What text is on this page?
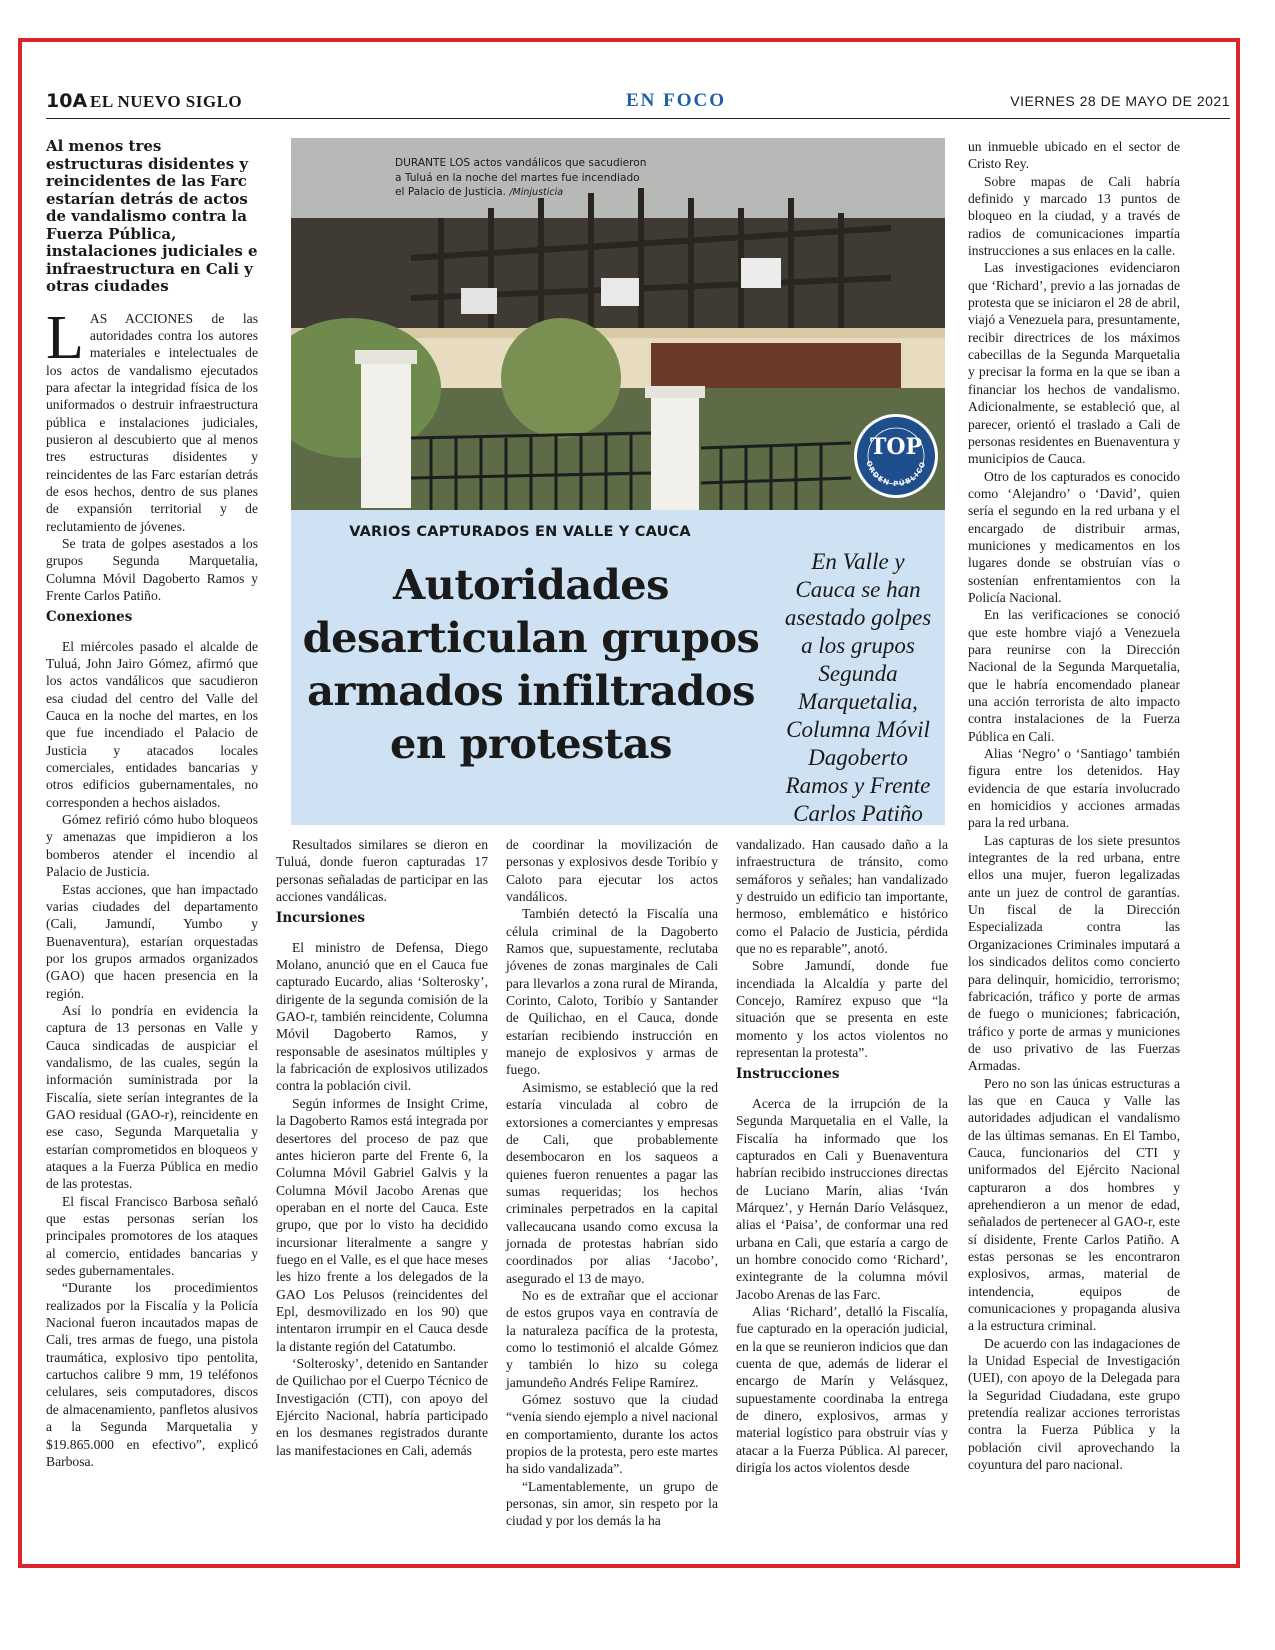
10A EL NUEVO SIGLO	EN FOCO	VIERNES 28 DE MAYO DE 2021
Al menos tres estructuras disidentes y reincidentes de las Farc estarían detrás de actos de vandalismo contra la Fuerza Pública, instalaciones judiciales e infraestructura en Cali y otras ciudades

LAS ACCIONES de las autoridades contra los autores materiales e intelectuales de los actos de vandalismo ejecutados para afectar la integridad física de los uniformados o destruir infraestructura pública e instalaciones judiciales, pusieron al descubierto que al menos tres estructuras disidentes y reincidentes de las Farc estarían detrás de esos hechos, dentro de sus planes de expansión territorial y de reclutamiento de jóvenes.

Se trata de golpes asestados a los grupos Segunda Marquetalia, Columna Móvil Dagoberto Ramos y Frente Carlos Patiño.

Conexiones

El miércoles pasado el alcalde de Tuluá, John Jairo Gómez, afirmó que los actos vandálicos que sacudieron esa ciudad del centro del Valle del Cauca en la noche del martes, en los que fue incendiado el Palacio de Justicia y atacados locales comerciales, entidades bancarias y otros edificios gubernamentales, no corresponden a hechos aislados.

Gómez refirió cómo hubo bloqueos y amenazas que impidieron a los bomberos atender el incendio al Palacio de Justicia.

Estas acciones, que han impactado varias ciudades del departamento (Cali, Jamundí, Yumbo y Buenaventura), estarían orquestadas por los grupos armados organizados (GAO) que hacen presencia en la región.

Así lo pondría en evidencia la captura de 13 personas en Valle y Cauca sindicadas de auspiciar el vandalismo, de las cuales, según la información suministrada por la Fiscalía, siete serían integrantes de la GAO residual (GAO-r), reincidente en ese caso, Segunda Marquetalia y estarían comprometidos en bloqueos y ataques a la Fuerza Pública en medio de las protestas.

El fiscal Francisco Barbosa señaló que estas personas serían los principales promotores de los ataques al comercio, entidades bancarias y sedes gubernamentales.

“Durante los procedimientos realizados por la Fiscalía y la Policía Nacional fueron incautados mapas de Cali, tres armas de fuego, una pistola traumática, explosivo tipo pentolita, cartuchos calibre 9 mm, 19 teléfonos celulares, seis computadores, discos de almacenamiento, panfletos alusivos a la Segunda Marquetalia y $19.865.000 en efectivo”, explicó Barbosa.

DURANTE LOS actos vandálicos que sacudieron a Tuluá en la noche del martes fue incendiado el Palacio de Justicia. /Minjusticia
TOP
ORDEN PÚBLICO
VARIOS CAPTURADOS EN VALLE Y CAUCA
Autoridades desarticulan grupos armados infiltrados en protestas
En Valle y Cauca se han asestado golpes a los grupos Segunda Marquetalia, Columna Móvil Dagoberto Ramos y Frente Carlos Patiño

Resultados similares se dieron en Tuluá, donde fueron capturadas 17 personas señaladas de participar en las acciones vandálicas.

Incursiones

El ministro de Defensa, Diego Molano, anunció que en el Cauca fue capturado Eucardo, alias ‘Solterosky’, dirigente de la segunda comisión de la GAO-r, también reincidente, Columna Móvil Dagoberto Ramos, y responsable de asesinatos múltiples y la fabricación de explosivos utilizados contra la población civil.

Según informes de Insight Crime, la Dagoberto Ramos está integrada por desertores del proceso de paz que antes hicieron parte del Frente 6, la Columna Móvil Gabriel Galvis y la Columna Móvil Jacobo Arenas que operaban en el norte del Cauca. Este grupo, que por lo visto ha decidido incursionar literalmente a sangre y fuego en el Valle, es el que hace meses les hizo frente a los delegados de la GAO Los Pelusos (reincidentes del Epl, desmovilizado en los 90) que intentaron irrumpir en el Cauca desde la distante región del Catatumbo.

‘Solterosky’, detenido en Santander de Quilichao por el Cuerpo Técnico de Investigación (CTI), con apoyo del Ejército Nacional, habría participado en los desmanes registrados durante las manifestaciones en Cali, además

de coordinar la movilización de personas y explosivos desde Toribío y Caloto para ejecutar los actos vandálicos.

También detectó la Fiscalía una célula criminal de la Dagoberto Ramos que, supuestamente, reclutaba jóvenes de zonas marginales de Cali para llevarlos a zona rural de Miranda, Corinto, Caloto, Toribío y Santander de Quilichao, en el Cauca, donde estarían recibiendo instrucción en manejo de explosivos y armas de fuego.

Asimismo, se estableció que la red estaría vinculada al cobro de extorsiones a comerciantes y empresas de Cali, que probablemente desembocaron en los saqueos a quienes fueron renuentes a pagar las sumas requeridas; los hechos criminales perpetrados en la capital vallecaucana usando como excusa la jornada de protestas habrían sido coordinados por alias ‘Jacobo’, asegurado el 13 de mayo.

No es de extrañar que el accionar de estos grupos vaya en contravía de la naturaleza pacífica de la protesta, como lo testimonió el alcalde Gómez y también lo hizo su colega jamundeño Andrés Felipe Ramírez.

Gómez sostuvo que la ciudad “venía siendo ejemplo a nivel nacional en comportamiento, durante los actos propios de la protesta, pero este martes ha sido vandalizada”.

“Lamentablemente, un grupo de personas, sin amor, sin respeto por la ciudad y por los demás la ha

vandalizado. Han causado daño a la infraestructura de tránsito, como semáforos y señales; han vandalizado y destruido un edificio tan importante, hermoso, emblemático e histórico como el Palacio de Justicia, pérdida que no es reparable”, anotó.

Sobre Jamundí, donde fue incendiada la Alcaldía y parte del Concejo, Ramírez expuso que “la situación que se presenta en este momento y los actos violentos no representan la protesta”.

Instrucciones

Acerca de la irrupción de la Segunda Marquetalia en el Valle, la Fiscalía ha informado que los capturados en Cali y Buenaventura habrían recibido instrucciones directas de Luciano Marín, alias ‘Iván Márquez’, y Hernán Darío Velásquez, alias el ‘Paisa’, de conformar una red urbana en Cali, que estaría a cargo de un hombre conocido como ‘Richard’, exintegrante de la columna móvil Jacobo Arenas de las Farc.

Alias ‘Richard’, detalló la Fiscalía, fue capturado en la operación judicial, en la que se reunieron indicios que dan cuenta de que, además de liderar el encargo de Marín y Velásquez, supuestamente coordinaba la entrega de dinero, explosivos, armas y material logístico para obstruir vías y atacar a la Fuerza Pública. Al parecer, dirigía los actos violentos desde

un inmueble ubicado en el sector de Cristo Rey.

Sobre mapas de Cali habría definido y marcado 13 puntos de bloqueo en la ciudad, y a través de radios de comunicaciones impartía instrucciones a sus enlaces en la calle.

Las investigaciones evidenciaron que ‘Richard’, previo a las jornadas de protesta que se iniciaron el 28 de abril, viajó a Venezuela para, presuntamente, recibir directrices de los máximos cabecillas de la Segunda Marquetalia y precisar la forma en la que se iban a financiar los hechos de vandalismo. Adicionalmente, se estableció que, al parecer, orientó el traslado a Cali de personas residentes en Buenaventura y municipios de Cauca.

Otro de los capturados es conocido como ‘Alejandro’ o ‘David’, quien sería el segundo en la red urbana y el encargado de distribuir armas, municiones y medicamentos en los lugares donde se obstruían vías o sostenían enfrentamientos con la Policía Nacional.

En las verificaciones se conoció que este hombre viajó a Venezuela para reunirse con la Dirección Nacional de la Segunda Marquetalia, que le habría encomendado planear una acción terrorista de alto impacto contra instalaciones de la Fuerza Pública en Cali.

Alias ‘Negro’ o ‘Santiago’ también figura entre los detenidos. Hay evidencia de que estaría involucrado en homicidios y acciones armadas para la red urbana.

Las capturas de los siete presuntos integrantes de la red urbana, entre ellos una mujer, fueron legalizadas ante un juez de control de garantías. Un fiscal de la Dirección Especializada contra las Organizaciones Criminales imputará a los sindicados delitos como concierto para delinquir, homicidio, terrorismo; fabricación, tráfico y porte de armas de fuego o municiones; fabricación, tráfico y porte de armas y municiones de uso privativo de las Fuerzas Armadas.

Pero no son las únicas estructuras a las que en Cauca y Valle las autoridades adjudican el vandalismo de las últimas semanas. En El Tambo, Cauca, funcionarios del CTI y uniformados del Ejército Nacional capturaron a dos hombres y aprehendieron a un menor de edad, señalados de pertenecer al GAO-r, este sí disidente, Frente Carlos Patiño. A estas personas se les encontraron explosivos, armas, material de intendencia, equipos de comunicaciones y propaganda alusiva a la estructura criminal.

De acuerdo con las indagaciones de la Unidad Especial de Investigación (UEI), con apoyo de la Delegada para la Seguridad Ciudadana, este grupo pretendía realizar acciones terroristas contra la Fuerza Pública y la población civil aprovechando la coyuntura del paro nacional.
